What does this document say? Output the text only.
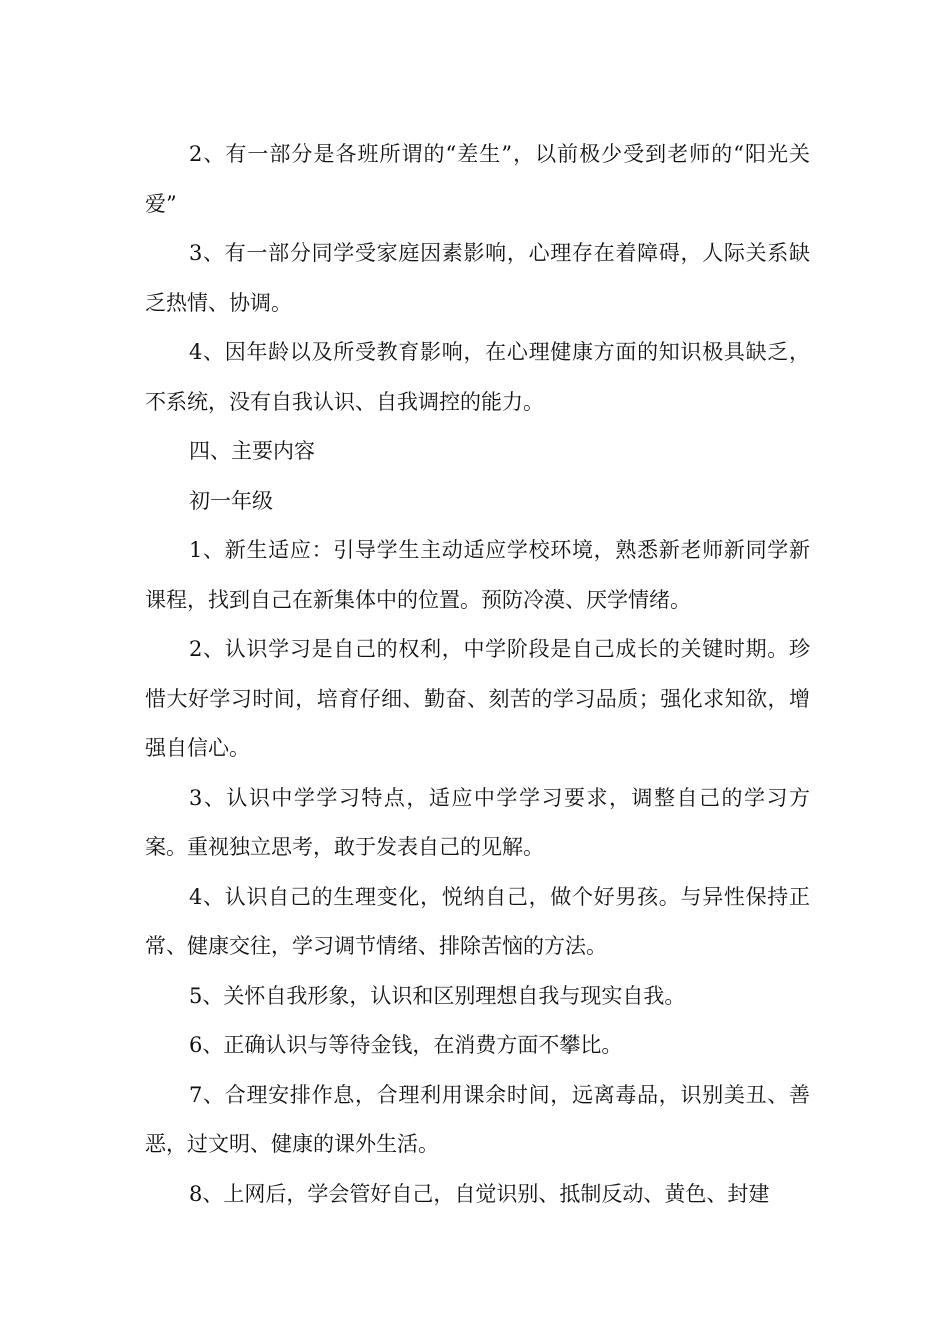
2、有一部分是各班所谓的“差生”，以前极少受到老师的“阳光关爱”

3、有一部分同学受家庭因素影响，心理存在着障碍，人际关系缺乏热情、协调。

4、因年龄以及所受教育影响，在心理健康方面的知识极具缺乏，不系统，没有自我认识、自我调控的能力。

四、主要内容

初一年级

1、新生适应：引导学生主动适应学校环境，熟悉新老师新同学新课程，找到自己在新集体中的位置。预防冷漠、厌学情绪。

2、认识学习是自己的权利，中学阶段是自己成长的关键时期。珍惜大好学习时间，培育仔细、勤奋、刻苦的学习品质；强化求知欲，增强自信心。

3、认识中学学习特点，适应中学学习要求，调整自己的学习方案。重视独立思考，敢于发表自己的见解。

4、认识自己的生理变化，悦纳自己，做个好男孩。与异性保持正常、健康交往，学习调节情绪、排除苦恼的方法。

5、关怀自我形象，认识和区别理想自我与现实自我。

6、正确认识与等待金钱，在消费方面不攀比。

7、合理安排作息，合理利用课余时间，远离毒品，识别美丑、善恶，过文明、健康的课外生活。

8、上网后，学会管好自己，自觉识别、抵制反动、黄色、封建
